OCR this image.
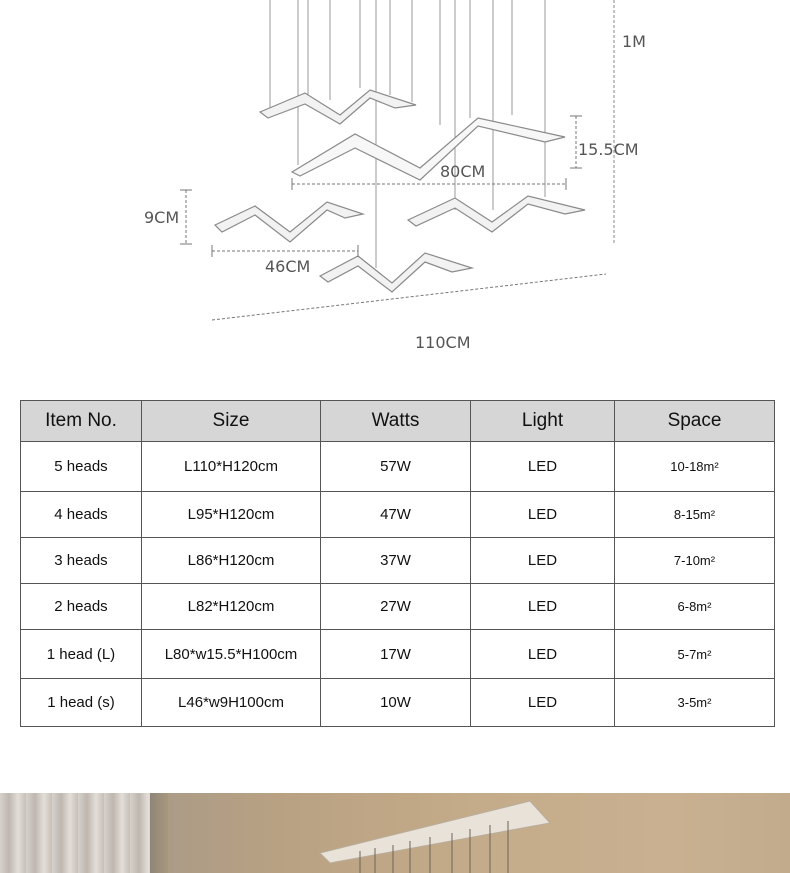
1M
15.5CM
80CM
9CM
46CM
110CM
Item No.	Size	Watts	Light	Space
5 heads	L110*H120cm	57W	LED	10-18m²
4 heads	L95*H120cm	47W	LED	8-15m²
3 heads	L86*H120cm	37W	LED	7-10m²
2 heads	L82*H120cm	27W	LED	6-8m²
1 head (L)	L80*w15.5*H100cm	17W	LED	5-7m²
1 head (s)	L46*w9H100cm	10W	LED	3-5m²
